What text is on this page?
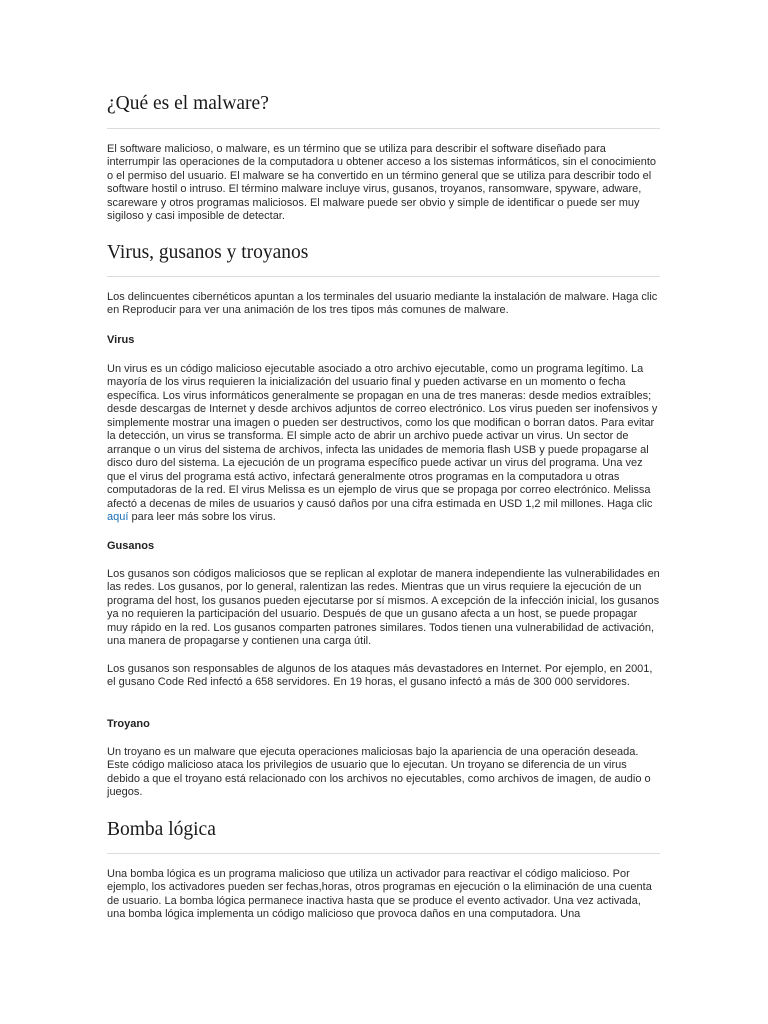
¿Qué es el malware?

El software malicioso, o malware, es un término que se utiliza para describir el software diseñado para interrumpir las operaciones de la computadora u obtener acceso a los sistemas informáticos, sin el conocimiento o el permiso del usuario. El malware se ha convertido en un término general que se utiliza para describir todo el software hostil o intruso. El término malware incluye virus, gusanos, troyanos, ransomware, spyware, adware, scareware y otros programas maliciosos. El malware puede ser obvio y simple de identificar o puede ser muy sigiloso y casi imposible de detectar.

Virus, gusanos y troyanos

Los delincuentes cibernéticos apuntan a los terminales del usuario mediante la instalación de malware. Haga clic en Reproducir para ver una animación de los tres tipos más comunes de malware.

Virus

Un virus es un código malicioso ejecutable asociado a otro archivo ejecutable, como un programa legítimo. La mayoría de los virus requieren la inicialización del usuario final y pueden activarse en un momento o fecha específica. Los virus informáticos generalmente se propagan en una de tres maneras: desde medios extraíbles; desde descargas de Internet y desde archivos adjuntos de correo electrónico. Los virus pueden ser inofensivos y simplemente mostrar una imagen o pueden ser destructivos, como los que modifican o borran datos. Para evitar la detección, un virus se transforma. El simple acto de abrir un archivo puede activar un virus. Un sector de arranque o un virus del sistema de archivos, infecta las unidades de memoria flash USB y puede propagarse al disco duro del sistema. La ejecución de un programa específico puede activar un virus del programa. Una vez que el virus del programa está activo, infectará generalmente otros programas en la computadora u otras computadoras de la red. El virus Melissa es un ejemplo de virus que se propaga por correo electrónico. Melissa afectó a decenas de miles de usuarios y causó daños por una cifra estimada en USD 1,2 mil millones. Haga clic aquí para leer más sobre los virus.

Gusanos

Los gusanos son códigos maliciosos que se replican al explotar de manera independiente las vulnerabilidades en las redes. Los gusanos, por lo general, ralentizan las redes. Mientras que un virus requiere la ejecución de un programa del host, los gusanos pueden ejecutarse por sí mismos. A excepción de la infección inicial, los gusanos ya no requieren la participación del usuario. Después de que un gusano afecta a un host, se puede propagar muy rápido en la red. Los gusanos comparten patrones similares. Todos tienen una vulnerabilidad de activación, una manera de propagarse y contienen una carga útil.

Los gusanos son responsables de algunos de los ataques más devastadores en Internet. Por ejemplo, en 2001, el gusano Code Red infectó a 658 servidores. En 19 horas, el gusano infectó a más de 300 000 servidores.

Troyano

Un troyano es un malware que ejecuta operaciones maliciosas bajo la apariencia de una operación deseada. Este código malicioso ataca los privilegios de usuario que lo ejecutan. Un troyano se diferencia de un virus debido a que el troyano está relacionado con los archivos no ejecutables, como archivos de imagen, de audio o juegos.

Bomba lógica

Una bomba lógica es un programa malicioso que utiliza un activador para reactivar el código malicioso. Por ejemplo, los activadores pueden ser fechas,horas, otros programas en ejecución o la eliminación de una cuenta de usuario. La bomba lógica permanece inactiva hasta que se produce el evento activador. Una vez activada, una bomba lógica implementa un código malicioso que provoca daños en una computadora. Una
